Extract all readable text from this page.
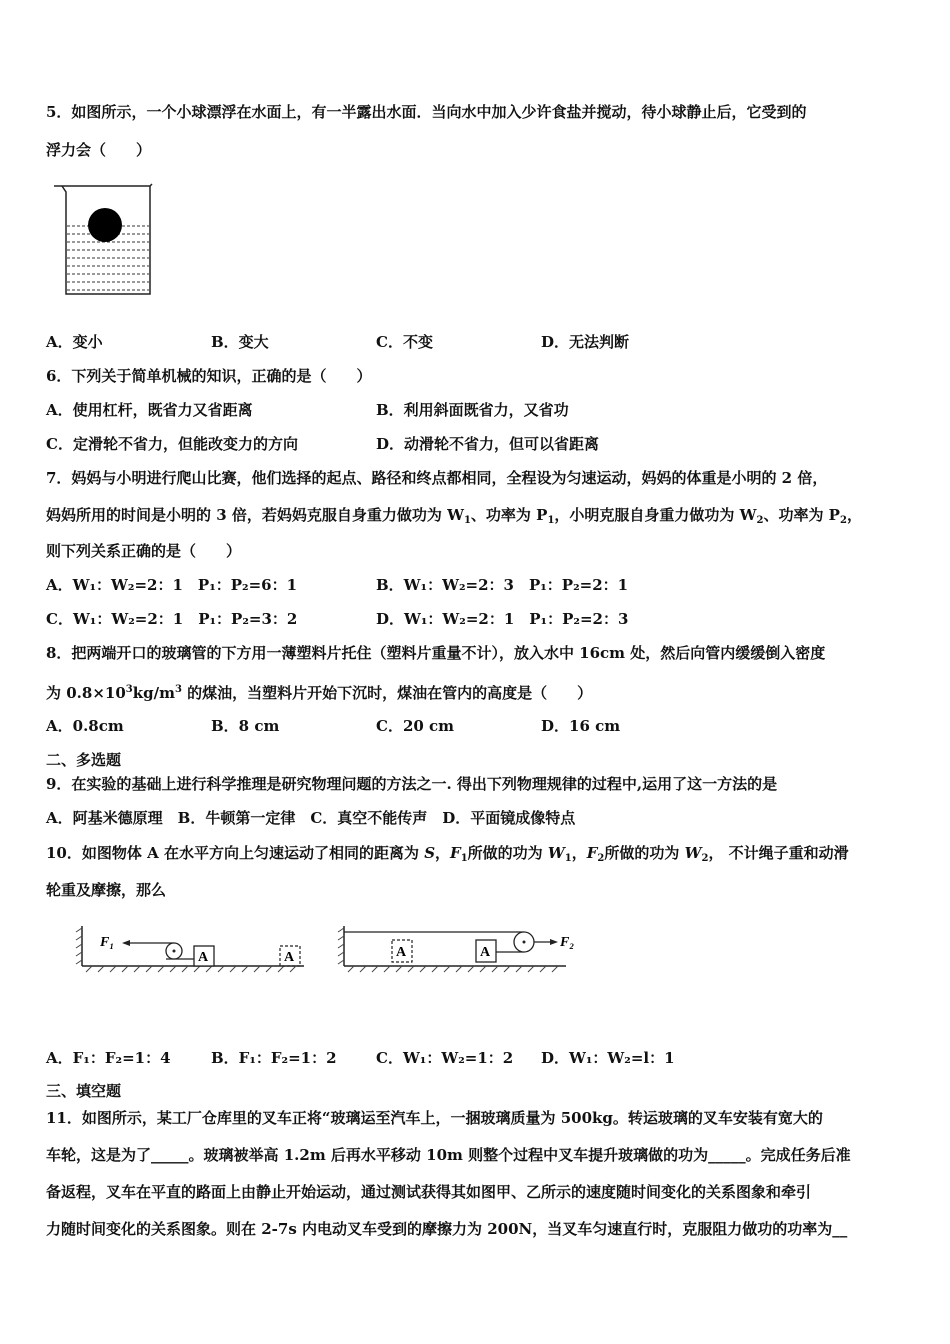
5．如图所示，一个小球漂浮在水面上，有一半露出水面．当向水中加入少许食盐并搅动，待小球静止后，它受到的
浮力会（　　）
A．变小	B．变大	C．不变	D．无法判断
6．下列关于简单机械的知识，正确的是（　　）
A．使用杠杆，既省力又省距离	B．利用斜面既省力，又省功
C．定滑轮不省力，但能改变力的方向	D．动滑轮不省力，但可以省距离
7．妈妈与小明进行爬山比赛，他们选择的起点、路径和终点都相同，全程设为匀速运动，妈妈的体重是小明的 2 倍，
妈妈所用的时间是小明的 3 倍，若妈妈克服自身重力做功为 $W_1$、功率为 $P_1$，小明克服自身重力做功为 $W_2$、功率为 $P_2$，
则下列关系正确的是（　　）
A．W₁：W₂=2：1　P₁：P₂=6：1	B．W₁：W₂=2：3　P₁：P₂=2：1
C．W₁：W₂=2：1　P₁：P₂=3：2	D．W₁：W₂=2：1　P₁：P₂=2：3
8．把两端开口的玻璃管的下方用一薄塑料片托住（塑料片重量不计），放入水中 16cm 处，然后向管内缓缓倒入密度
为 $0.8\times 10^3kg/m^3$ 的煤油，当塑料片开始下沉时，煤油在管内的高度是（　　）
A．0.8cm	B．8 cm	C．20 cm	D．16 cm
二、多选题
9．在实验的基础上进行科学推理是研究物理问题的方法之一. 得出下列物理规律的过程中,运用了这一方法的是
A．阿基米德原理　B．牛顿第一定律　C．真空不能传声　D．平面镜成像特点
10．如图物体 A 在水平方向上匀速运动了相同的距离为 S，$F_1$所做的功为 $W_1$，$F_2$所做的功为 $W_2$， 不计绳子重和动滑
轮重及摩擦，那么
F₁
A	A
F₂
A	A
A．F₁：F₂=1：4	B．F₁：F₂=1：2	C．W₁：W₂=1：2 D．W₁：W₂=l：1
三、填空题
11．如图所示，某工厂仓库里的叉车正将“玻璃运至汽车上，一捆玻璃质量为 500kg。转运玻璃的叉车安装有宽大的
车轮，这是为了_____。玻璃被举高 1.2m 后再水平移动 10m 则整个过程中叉车提升玻璃做的功为_____。完成任务后准
备返程，叉车在平直的路面上由静止开始运动，通过测试获得其如图甲、乙所示的速度随时间变化的关系图象和牵引
力随时间变化的关系图象。则在 2-7s 内电动叉车受到的摩擦力为 200N，当叉车匀速直行时，克服阻力做功的功率为__
